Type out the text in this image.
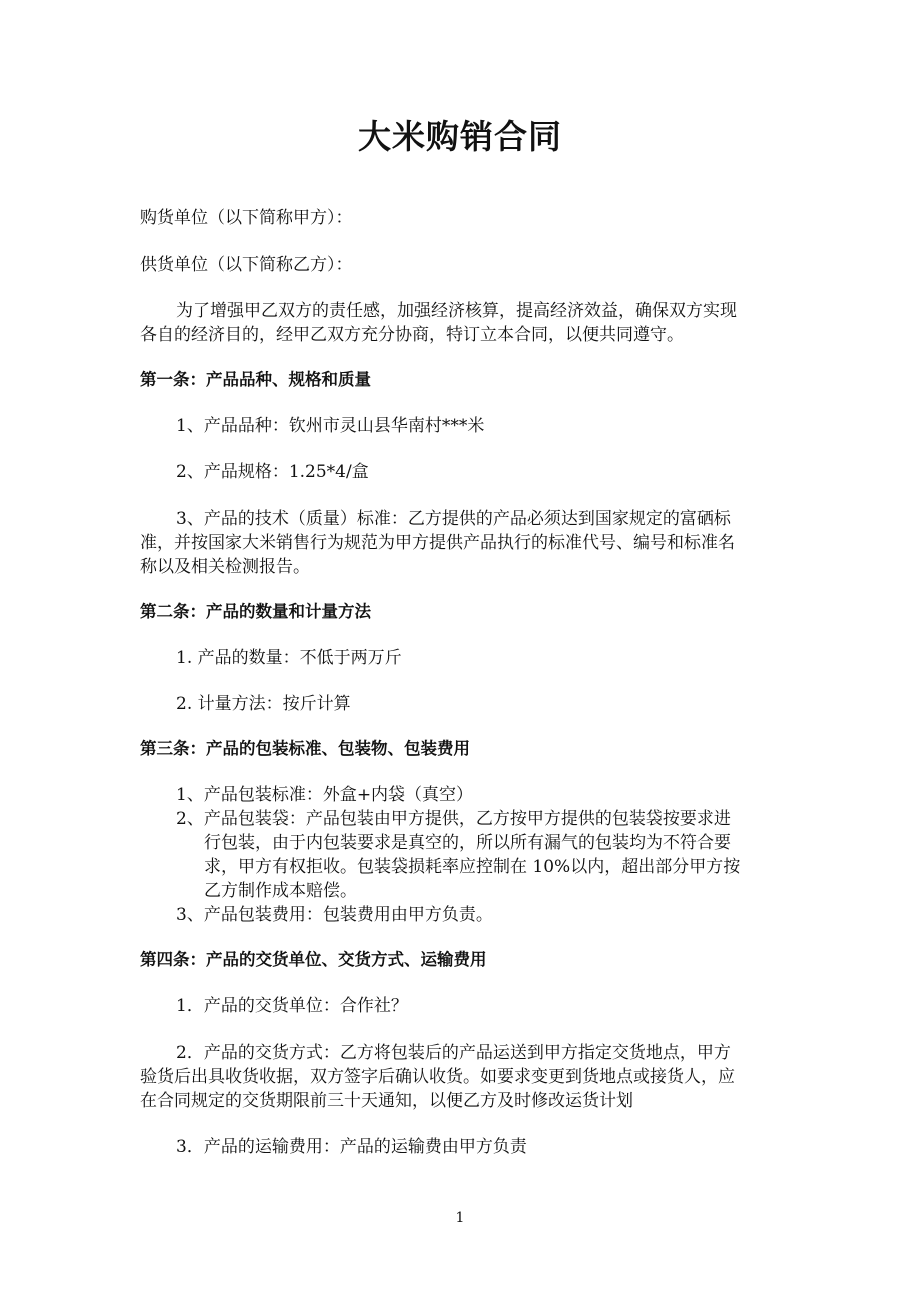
大米购销合同
购货单位（以下简称甲方）：
供货单位（以下简称乙方）：
为了增强甲乙双方的责任感，加强经济核算，提高经济效益，确保双方实现
各自的经济目的，经甲乙双方充分协商，特订立本合同，以便共同遵守。
第一条：产品品种、规格和质量
1、产品品种：钦州市灵山县华南村***米
2、产品规格：1.25*4/盒
3、产品的技术（质量）标准：乙方提供的产品必须达到国家规定的富硒标
准，并按国家大米销售行为规范为甲方提供产品执行的标准代号、编号和标准名
称以及相关检测报告。
第二条：产品的数量和计量方法
1. 产品的数量：不低于两万斤
2. 计量方法：按斤计算
第三条：产品的包装标准、包装物、包装费用
1、产品包装标准：外盒+内袋（真空）
2、产品包装袋：产品包装由甲方提供，乙方按甲方提供的包装袋按要求进
行包装，由于内包装要求是真空的，所以所有漏气的包装均为不符合要
求，甲方有权拒收。包装袋损耗率应控制在 10%以内，超出部分甲方按
乙方制作成本赔偿。
3、产品包装费用：包装费用由甲方负责。
第四条：产品的交货单位、交货方式、运输费用
1．产品的交货单位：合作社？
2．产品的交货方式：乙方将包装后的产品运送到甲方指定交货地点，甲方
验货后出具收货收据，双方签字后确认收货。如要求变更到货地点或接货人，应
在合同规定的交货期限前三十天通知，以便乙方及时修改运货计划
3．产品的运输费用：产品的运输费由甲方负责
1
